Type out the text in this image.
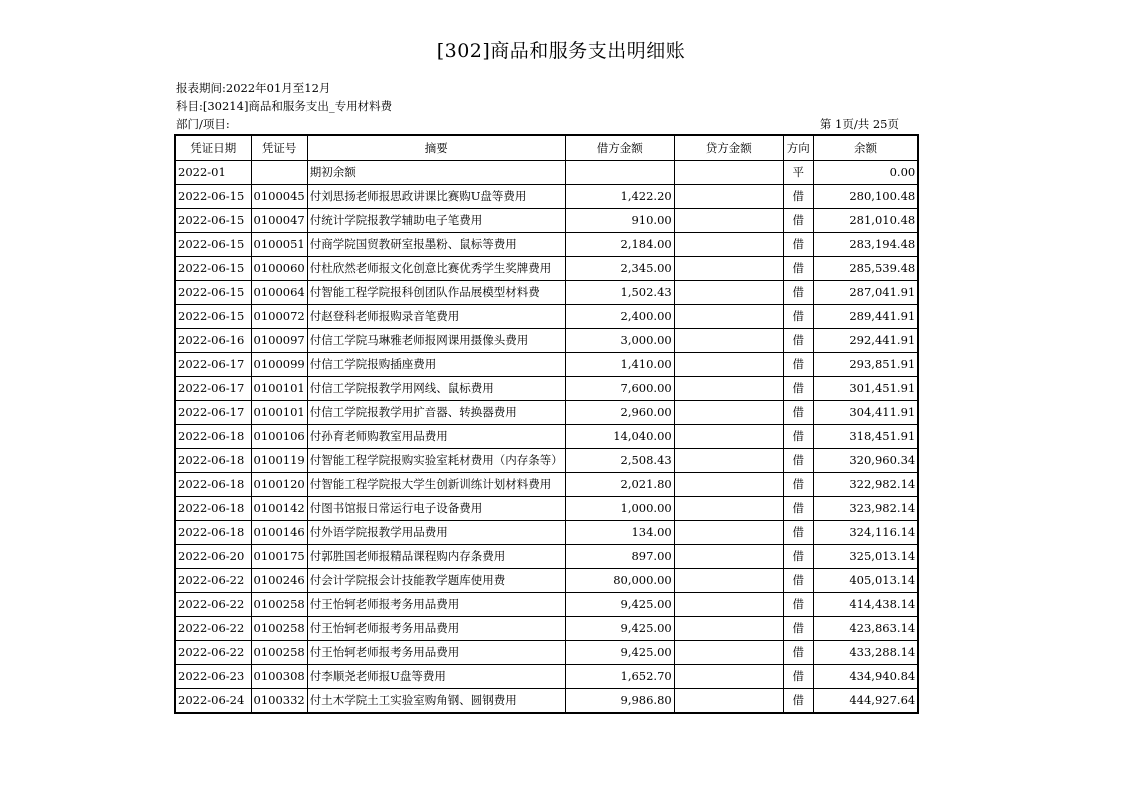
[302]商品和服务支出明细账
报表期间:2022年01月至12月
科目:[30214]商品和服务支出_专用材料费
部门/项目:	第 1页/共 25页
凭证日期	凭证号	摘要	借方金额	贷方金额	方向	余额
2022-01		期初余额			平	0.00
2022-06-15	0100045	付刘思扬老师报思政讲课比赛购U盘等费用	1,422.20		借	280,100.48
2022-06-15	0100047	付统计学院报教学辅助电子笔费用	910.00		借	281,010.48
2022-06-15	0100051	付商学院国贸教研室报墨粉、鼠标等费用	2,184.00		借	283,194.48
2022-06-15	0100060	付杜欣然老师报文化创意比赛优秀学生奖牌费用	2,345.00		借	285,539.48
2022-06-15	0100064	付智能工程学院报科创团队作品展模型材料费	1,502.43		借	287,041.91
2022-06-15	0100072	付赵登科老师报购录音笔费用	2,400.00		借	289,441.91
2022-06-16	0100097	付信工学院马琳雅老师报网课用摄像头费用	3,000.00		借	292,441.91
2022-06-17	0100099	付信工学院报购插座费用	1,410.00		借	293,851.91
2022-06-17	0100101	付信工学院报教学用网线、鼠标费用	7,600.00		借	301,451.91
2022-06-17	0100101	付信工学院报教学用扩音器、转换器费用	2,960.00		借	304,411.91
2022-06-18	0100106	付孙育老师购教室用品费用	14,040.00		借	318,451.91
2022-06-18	0100119	付智能工程学院报购实验室耗材费用（内存条等）	2,508.43		借	320,960.34
2022-06-18	0100120	付智能工程学院报大学生创新训练计划材料费用	2,021.80		借	322,982.14
2022-06-18	0100142	付图书馆报日常运行电子设备费用	1,000.00		借	323,982.14
2022-06-18	0100146	付外语学院报教学用品费用	134.00		借	324,116.14
2022-06-20	0100175	付郭胜国老师报精品课程购内存条费用	897.00		借	325,013.14
2022-06-22	0100246	付会计学院报会计技能教学题库使用费	80,000.00		借	405,013.14
2022-06-22	0100258	付王怡轲老师报考务用品费用	9,425.00		借	414,438.14
2022-06-22	0100258	付王怡轲老师报考务用品费用	9,425.00		借	423,863.14
2022-06-22	0100258	付王怡轲老师报考务用品费用	9,425.00		借	433,288.14
2022-06-23	0100308	付李顺尧老师报U盘等费用	1,652.70		借	434,940.84
2022-06-24	0100332	付土木学院土工实验室购角钢、圆钢费用	9,986.80		借	444,927.64
